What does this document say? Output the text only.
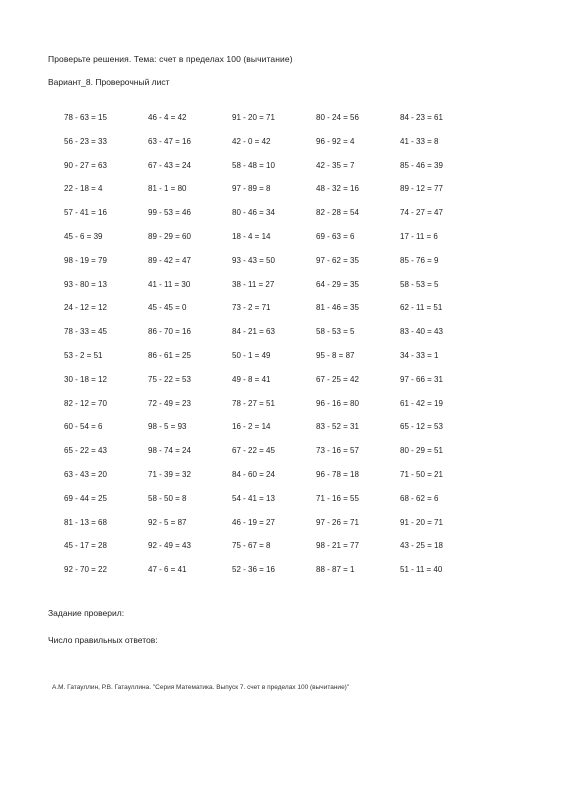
Проверьте решения. Тема: счет в пределах 100 (вычитание)
Вариант_8. Проверочный лист
78 - 63 = 15	46 - 4 = 42	91 - 20 = 71	80 - 24 = 56	84 - 23 = 61
56 - 23 = 33	63 - 47 = 16	42 - 0 = 42	96 - 92 = 4	41 - 33 = 8
90 - 27 = 63	67 - 43 = 24	58 - 48 = 10	42 - 35 = 7	85 - 46 = 39
22 - 18 = 4	81 - 1 = 80	97 - 89 = 8	48 - 32 = 16	89 - 12 = 77
57 - 41 = 16	99 - 53 = 46	80 - 46 = 34	82 - 28 = 54	74 - 27 = 47
45 - 6 = 39	89 - 29 = 60	18 - 4 = 14	69 - 63 = 6	17 - 11 = 6
98 - 19 = 79	89 - 42 = 47	93 - 43 = 50	97 - 62 = 35	85 - 76 = 9
93 - 80 = 13	41 - 11 = 30	38 - 11 = 27	64 - 29 = 35	58 - 53 = 5
24 - 12 = 12	45 - 45 = 0	73 - 2 = 71	81 - 46 = 35	62 - 11 = 51
78 - 33 = 45	86 - 70 = 16	84 - 21 = 63	58 - 53 = 5	83 - 40 = 43
53 - 2 = 51	86 - 61 = 25	50 - 1 = 49	95 - 8 = 87	34 - 33 = 1
30 - 18 = 12	75 - 22 = 53	49 - 8 = 41	67 - 25 = 42	97 - 66 = 31
82 - 12 = 70	72 - 49 = 23	78 - 27 = 51	96 - 16 = 80	61 - 42 = 19
60 - 54 = 6	98 - 5 = 93	16 - 2 = 14	83 - 52 = 31	65 - 12 = 53
65 - 22 = 43	98 - 74 = 24	67 - 22 = 45	73 - 16 = 57	80 - 29 = 51
63 - 43 = 20	71 - 39 = 32	84 - 60 = 24	96 - 78 = 18	71 - 50 = 21
69 - 44 = 25	58 - 50 = 8	54 - 41 = 13	71 - 16 = 55	68 - 62 = 6
81 - 13 = 68	92 - 5 = 87	46 - 19 = 27	97 - 26 = 71	91 - 20 = 71
45 - 17 = 28	92 - 49 = 43	75 - 67 = 8	98 - 21 = 77	43 - 25 = 18
92 - 70 = 22	47 - 6 = 41	52 - 36 = 16	88 - 87 = 1	51 - 11 = 40
Задание проверил:
Число правильных ответов:
А.М. Гатауллин, Р.В. Гатауллина. "Серия Математика. Выпуск 7. счет в пределах 100 (вычитание)"
